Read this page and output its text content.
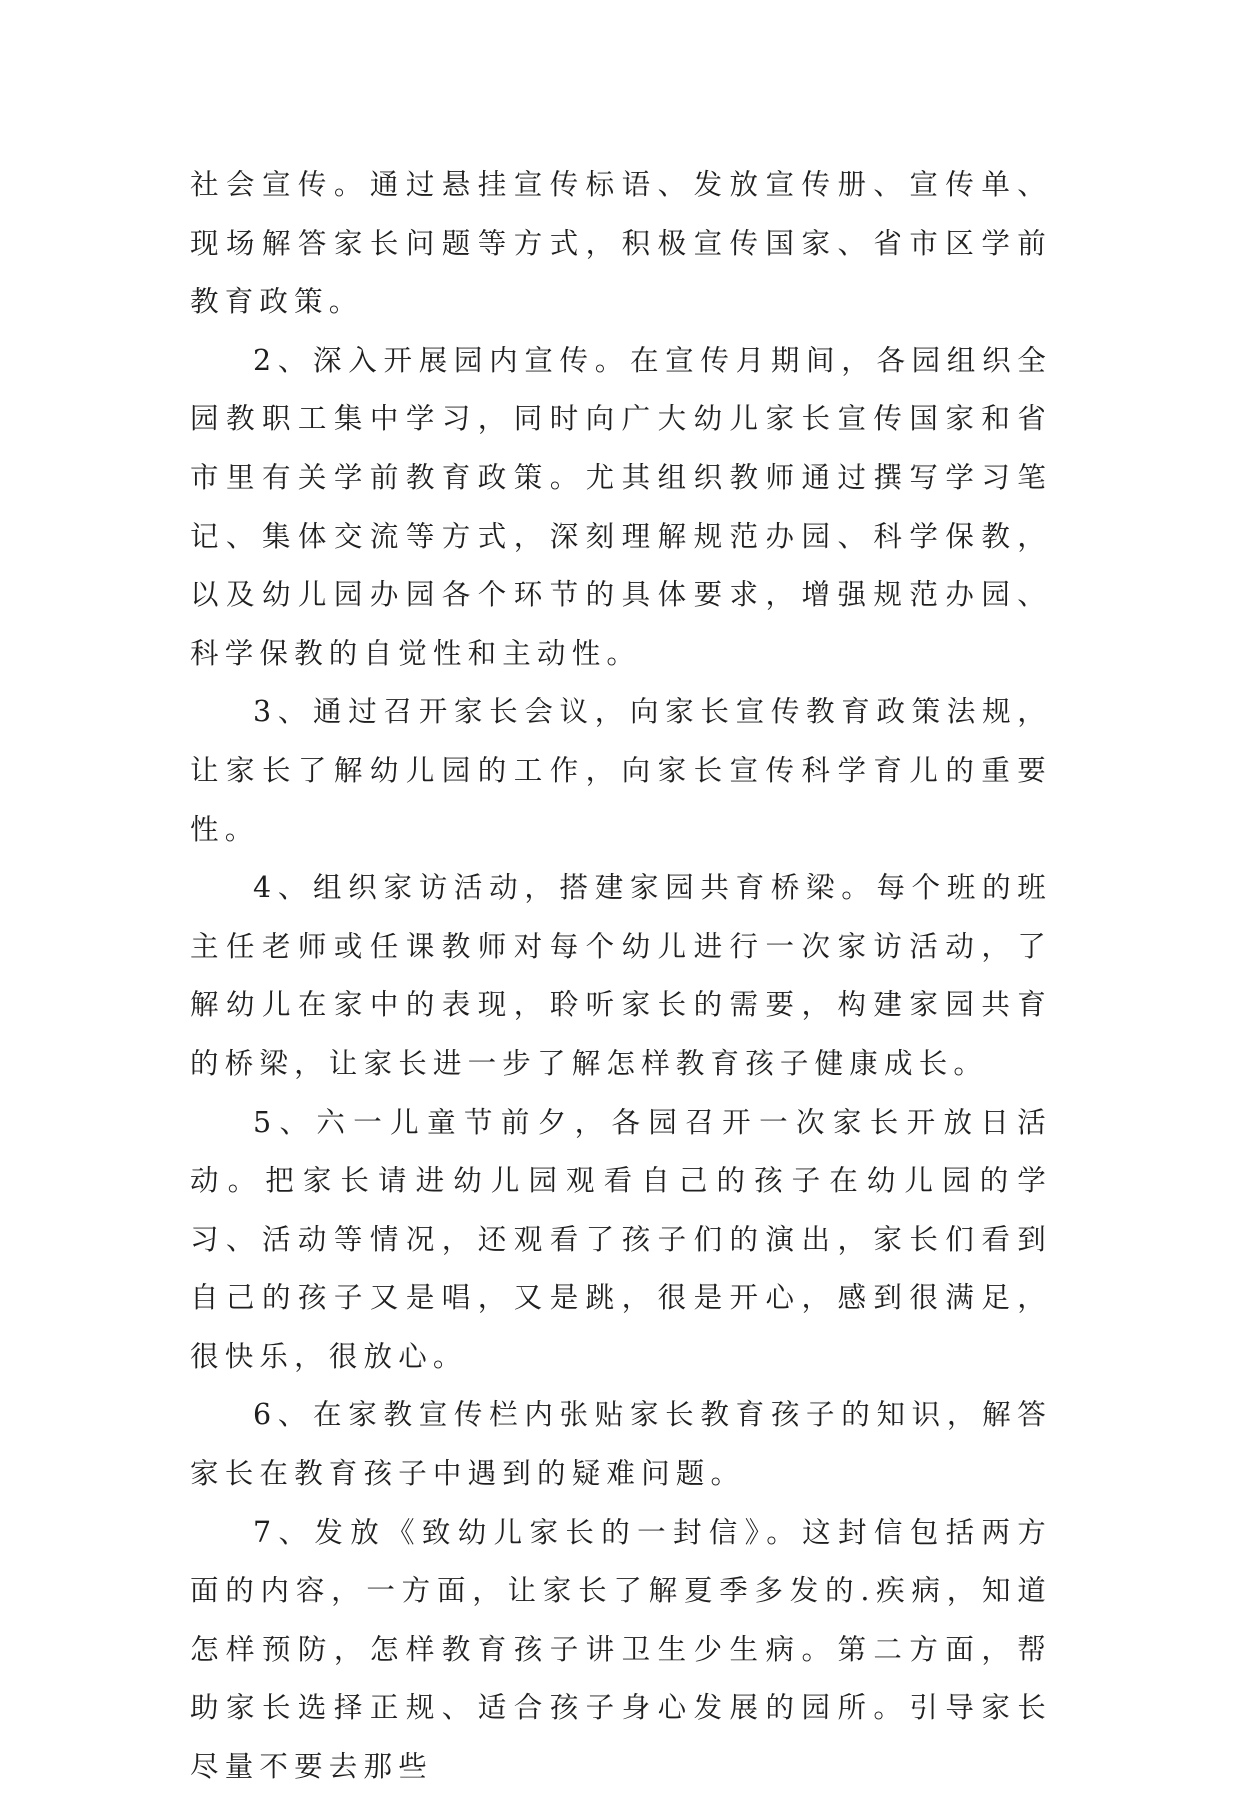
社会宣传。通过悬挂宣传标语、发放宣传册、宣传单、现场解答家长问题等方式，积极宣传国家、省市区学前教育政策。

2、深入开展园内宣传。在宣传月期间，各园组织全园教职工集中学习，同时向广大幼儿家长宣传国家和省市里有关学前教育政策。尤其组织教师通过撰写学习笔记、集体交流等方式，深刻理解规范办园、科学保教，以及幼儿园办园各个环节的具体要求，增强规范办园、科学保教的自觉性和主动性。

3、通过召开家长会议，向家长宣传教育政策法规，让家长了解幼儿园的工作，向家长宣传科学育儿的重要性。

4、组织家访活动，搭建家园共育桥梁。每个班的班主任老师或任课教师对每个幼儿进行一次家访活动，了解幼儿在家中的表现，聆听家长的需要，构建家园共育的桥梁，让家长进一步了解怎样教育孩子健康成长。

5、六一儿童节前夕，各园召开一次家长开放日活动。把家长请进幼儿园观看自己的孩子在幼儿园的学习、活动等情况，还观看了孩子们的演出，家长们看到自己的孩子又是唱，又是跳，很是开心，感到很满足，很快乐，很放心。

6、在家教宣传栏内张贴家长教育孩子的知识，解答家长在教育孩子中遇到的疑难问题。

7、发放《致幼儿家长的一封信》。这封信包括两方面的内容，一方面，让家长了解夏季多发的.疾病，知道怎样预防，怎样教育孩子讲卫生少生病。第二方面，帮助家长选择正规、适合孩子身心发展的园所。引导家长尽量不要去那些
